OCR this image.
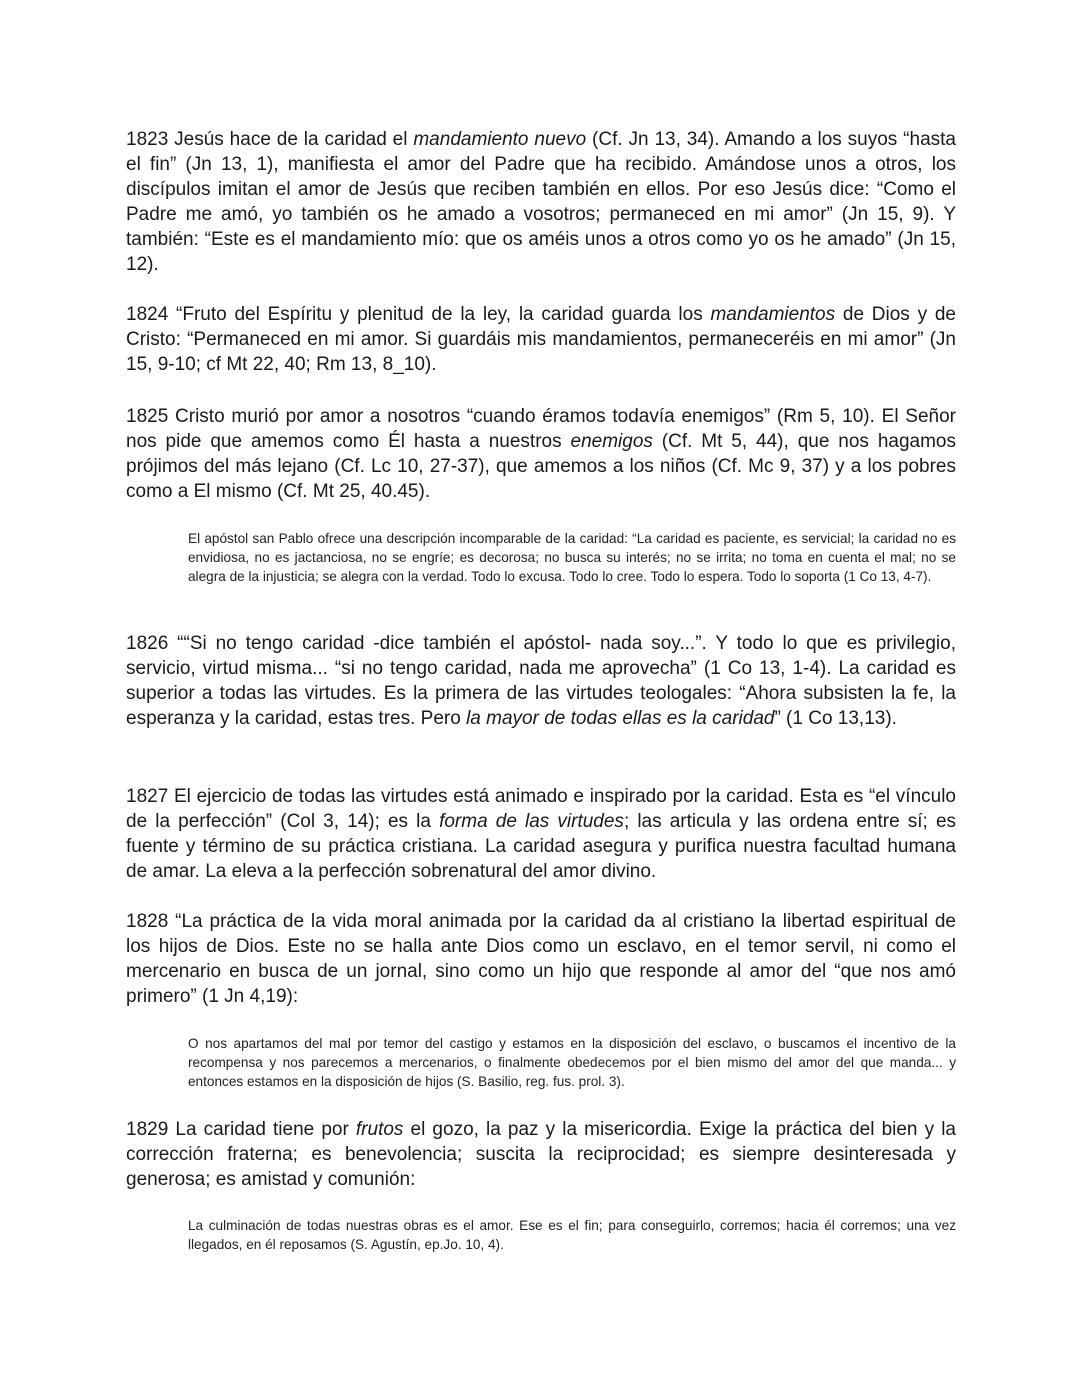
1823 Jesús hace de la caridad el mandamiento nuevo (Cf. Jn 13, 34). Amando a los suyos “hasta el fin” (Jn 13, 1), manifiesta el amor del Padre que ha recibido. Amándose unos a otros, los discípulos imitan el amor de Jesús que reciben también en ellos. Por eso Jesús dice: “Como el Padre me amó, yo también os he amado a vosotros; permaneced en mi amor” (Jn 15, 9). Y también: “Este es el mandamiento mío: que os améis unos a otros como yo os he amado” (Jn 15, 12).

1824 “Fruto del Espíritu y plenitud de la ley, la caridad guarda los mandamientos de Dios y de Cristo: “Permaneced en mi amor. Si guardáis mis mandamientos, permaneceréis en mi amor” (Jn 15, 9-10; cf Mt 22, 40; Rm 13, 8_10).

1825 Cristo murió por amor a nosotros “cuando éramos todavía enemigos” (Rm 5, 10). El Señor nos pide que amemos como Él hasta a nuestros enemigos (Cf. Mt 5, 44), que nos hagamos prójimos del más lejano (Cf. Lc 10, 27-37), que amemos a los niños (Cf. Mc 9, 37) y a los pobres como a El mismo (Cf. Mt 25, 40.45).

El apóstol san Pablo ofrece una descripción incomparable de la caridad: “La caridad es paciente, es servicial; la caridad no es envidiosa, no es jactanciosa, no se engríe; es decorosa; no busca su interés; no se irrita; no toma en cuenta el mal; no se alegra de la injusticia; se alegra con la verdad. Todo lo excusa. Todo lo cree. Todo lo espera. Todo lo soporta (1 Co 13, 4-7).

1826 ““Si no tengo caridad -dice también el apóstol- nada soy...”. Y todo lo que es privilegio, servicio, virtud misma... “si no tengo caridad, nada me aprovecha” (1 Co 13, 1-4). La caridad es superior a todas las virtudes. Es la primera de las virtudes teologales: “Ahora subsisten la fe, la esperanza y la caridad, estas tres. Pero la mayor de todas ellas es la caridad” (1 Co 13,13).

1827 El ejercicio de todas las virtudes está animado e inspirado por la caridad. Esta es “el vínculo de la perfección” (Col 3, 14); es la forma de las virtudes; las articula y las ordena entre sí; es fuente y término de su práctica cristiana. La caridad asegura y purifica nuestra facultad humana de amar. La eleva a la perfección sobrenatural del amor divino.

1828 “La práctica de la vida moral animada por la caridad da al cristiano la libertad espiritual de los hijos de Dios. Este no se halla ante Dios como un esclavo, en el temor servil, ni como el mercenario en busca de un jornal, sino como un hijo que responde al amor del “que nos amó primero” (1 Jn 4,19):

O nos apartamos del mal por temor del castigo y estamos en la disposición del esclavo, o buscamos el incentivo de la recompensa y nos parecemos a mercenarios, o finalmente obedecemos por el bien mismo del amor del que manda... y entonces estamos en la disposición de hijos (S. Basilio, reg. fus. prol. 3).

1829 La caridad tiene por frutos el gozo, la paz y la misericordia. Exige la práctica del bien y la corrección fraterna; es benevolencia; suscita la reciprocidad; es siempre desinteresada y generosa; es amistad y comunión:

La culminación de todas nuestras obras es el amor. Ese es el fin; para conseguirlo, corremos; hacia él corremos; una vez llegados, en él reposamos (S. Agustín, ep.Jo. 10, 4).
